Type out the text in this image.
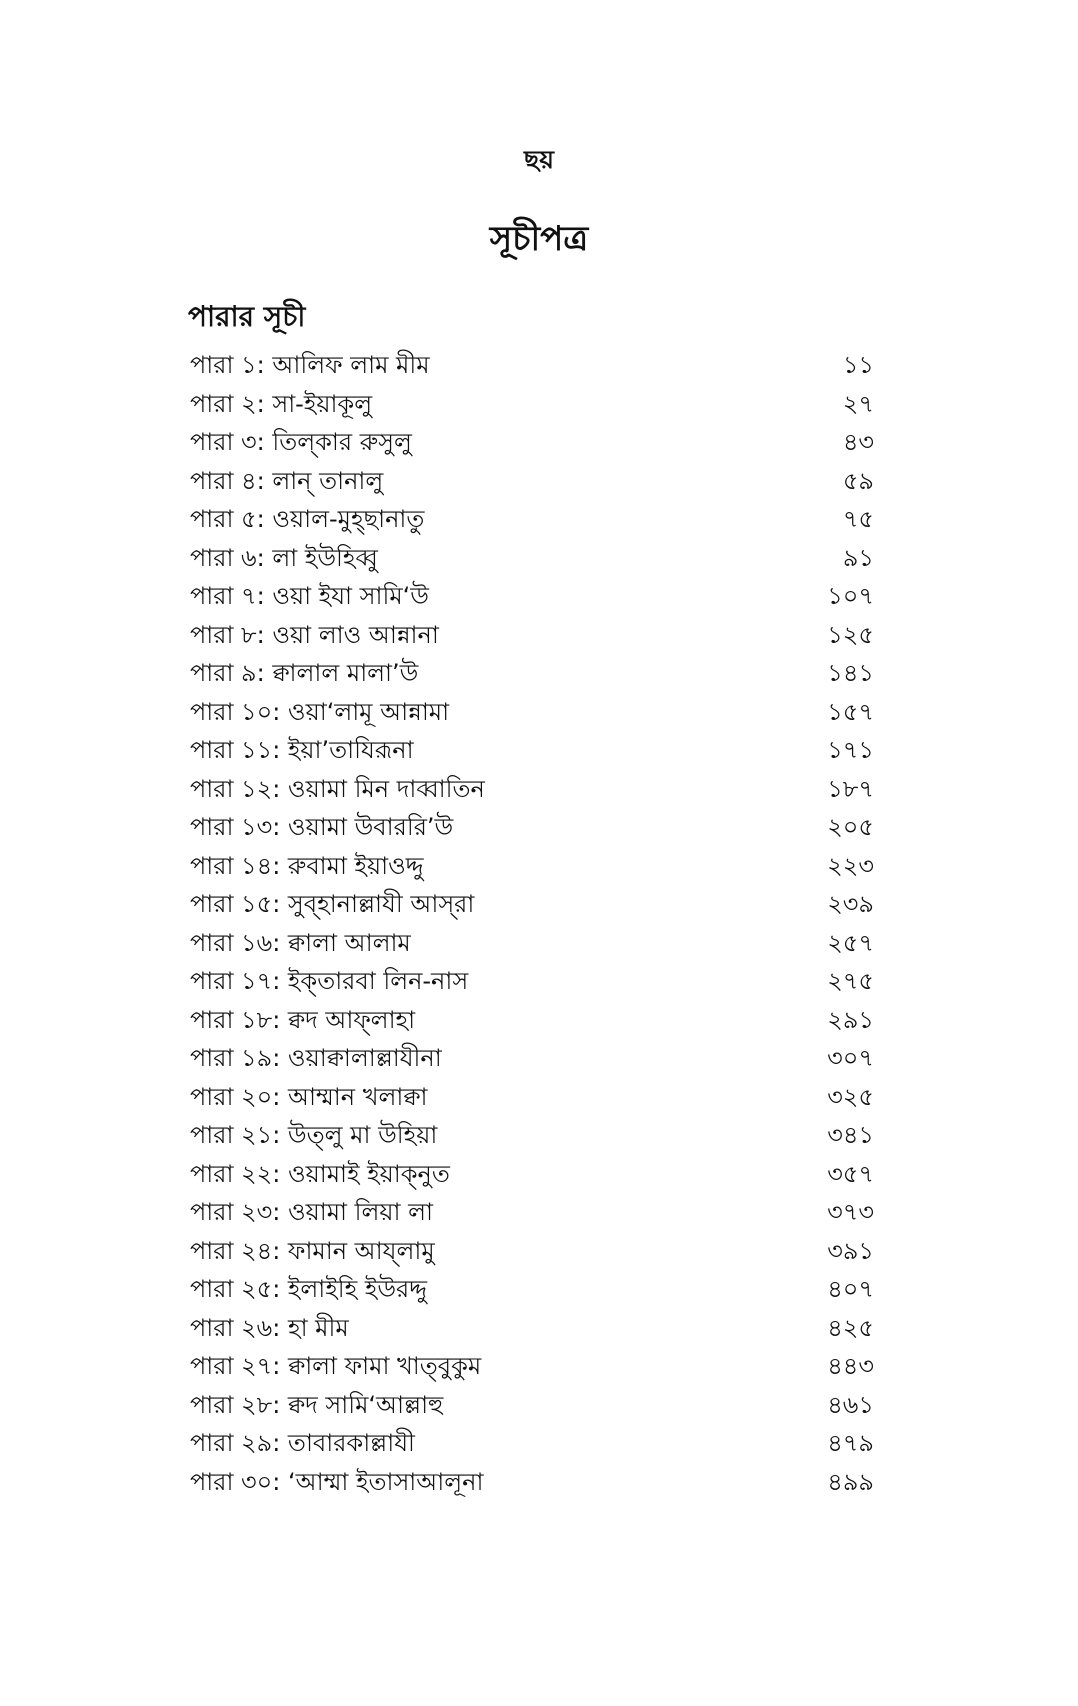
ছয়
সূচীপত্র
পারার সূচী
পারা ১: আলিফ লাম মীম	১১
পারা ২: সা-ইয়াকূলু	২৭
পারা ৩: তিল্‌কার রুসুলু	৪৩
পারা ৪: লান্‌ তানালু	৫৯
পারা ৫: ওয়াল-মুহ্‌ছানাতু	৭৫
পারা ৬: লা ইউহিব্বু	৯১
পারা ৭: ওয়া ইযা সামি‘উ	১০৭
পারা ৮: ওয়া লাও আন্নানা	১২৫
পারা ৯: ক্বালাল মালা’উ	১৪১
পারা ১০: ওয়া‘লামূ আন্নামা	১৫৭
পারা ১১: ইয়া’তাযিরূনা	১৭১
পারা ১২: ওয়ামা মিন দাব্বাতিন	১৮৭
পারা ১৩: ওয়ামা উবাররি’উ	২০৫
পারা ১৪: রুবামা ইয়াওদ্দু	২২৩
পারা ১৫: সুব্‌হানাল্লাযী আস্‌রা	২৩৯
পারা ১৬: ক্বালা আলাম	২৫৭
পারা ১৭: ইক্‌তারবা লিন-নাস	২৭৫
পারা ১৮: ক্বদ আফ্‌লাহা	২৯১
পারা ১৯: ওয়াক্বালাল্লাযীনা	৩০৭
পারা ২০: আম্মান খলাক্বা	৩২৫
পারা ২১: উত্‌লু মা উহিয়া	৩৪১
পারা ২২: ওয়ামাই ইয়াক্‌নুত	৩৫৭
পারা ২৩: ওয়ামা লিয়া লা	৩৭৩
পারা ২৪: ফামান আয্‌লামু	৩৯১
পারা ২৫: ইলাইহি ইউরদ্দু	৪০৭
পারা ২৬: হা মীম	৪২৫
পারা ২৭: ক্বালা ফামা খাত্‌বুকুম	৪৪৩
পারা ২৮: ক্বদ সামি‘আল্লাহু	৪৬১
পারা ২৯: তাবারকাল্লাযী	৪৭৯
পারা ৩০: ‘আম্মা ইতাসাআলূনা	৪৯৯
